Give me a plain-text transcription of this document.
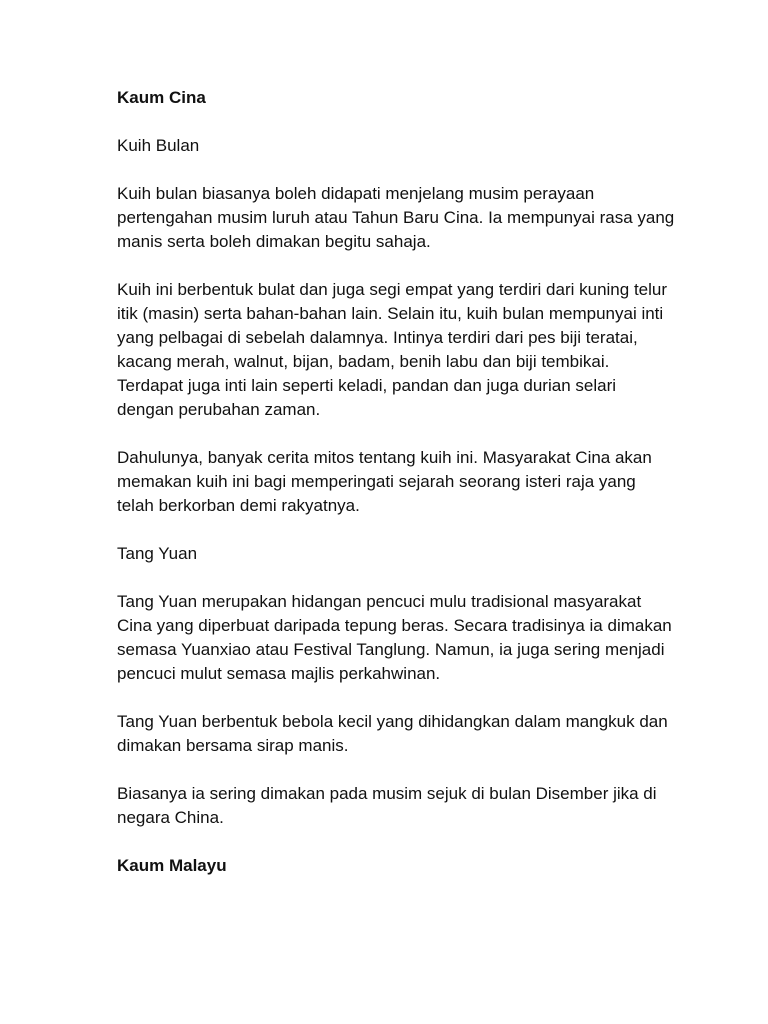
Kaum Cina

Kuih Bulan

Kuih bulan biasanya boleh didapati menjelang musim perayaan pertengahan musim luruh atau Tahun Baru Cina. Ia mempunyai rasa yang manis serta boleh dimakan begitu sahaja.

Kuih ini berbentuk bulat dan juga segi empat yang terdiri dari kuning telur itik (masin) serta bahan-bahan lain. Selain itu, kuih bulan mempunyai inti yang pelbagai di sebelah dalamnya. Intinya terdiri dari pes biji teratai, kacang merah, walnut, bijan, badam, benih labu dan biji tembikai. Terdapat juga inti lain seperti keladi, pandan dan juga durian selari dengan perubahan zaman.

Dahulunya, banyak cerita mitos tentang kuih ini. Masyarakat Cina akan memakan kuih ini bagi memperingati sejarah seorang isteri raja yang telah berkorban demi rakyatnya.

Tang Yuan

Tang Yuan merupakan hidangan pencuci mulu tradisional masyarakat Cina yang diperbuat daripada tepung beras. Secara tradisinya ia dimakan semasa Yuanxiao atau Festival Tanglung. Namun, ia juga sering menjadi pencuci mulut semasa majlis perkahwinan.

Tang Yuan berbentuk bebola kecil yang dihidangkan dalam mangkuk dan dimakan bersama sirap manis.

Biasanya ia sering dimakan pada musim sejuk di bulan Disember jika di negara China.

Kaum Malayu
